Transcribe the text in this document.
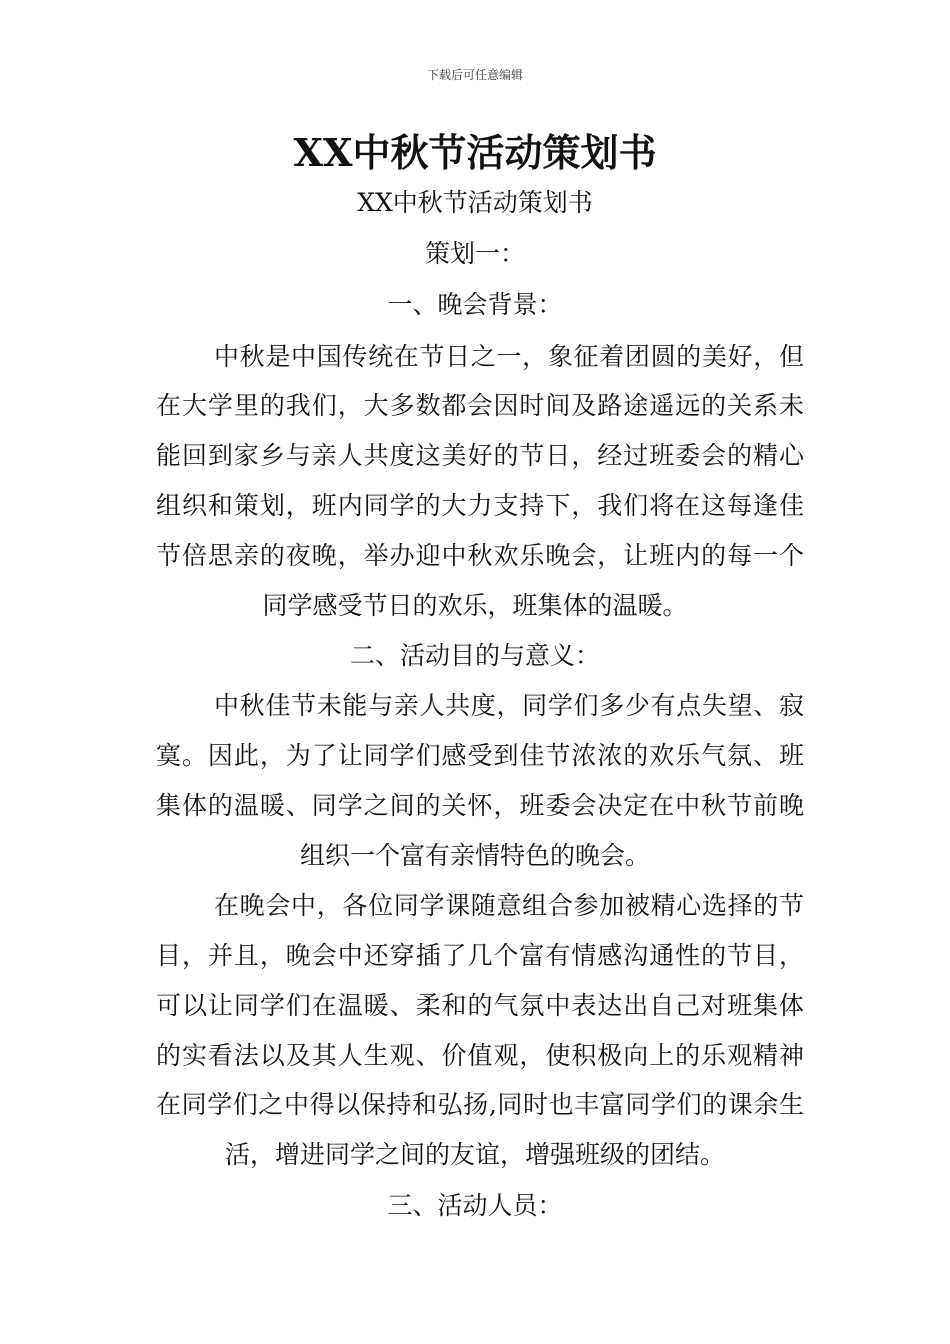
下载后可任意编辑
XX中秋节活动策划书
XX中秋节活动策划书
策划一：
一、晚会背景：
中秋是中国传统在节日之一，象征着团圆的美好，但
在大学里的我们，大多数都会因时间及路途遥远的关系未
能回到家乡与亲人共度这美好的节日，经过班委会的精心
组织和策划，班内同学的大力支持下，我们将在这每逢佳
节倍思亲的夜晚，举办迎中秋欢乐晚会，让班内的每一个
同学感受节日的欢乐，班集体的温暖。
二、活动目的与意义：
中秋佳节未能与亲人共度，同学们多少有点失望、寂
寞。因此，为了让同学们感受到佳节浓浓的欢乐气氛、班
集体的温暖、同学之间的关怀，班委会决定在中秋节前晚
组织一个富有亲情特色的晚会。
在晚会中，各位同学课随意组合参加被精心选择的节
目，并且，晚会中还穿插了几个富有情感沟通性的节目，
可以让同学们在温暖、柔和的气氛中表达出自己对班集体
的实看法以及其人生观、价值观，使积极向上的乐观精神
在同学们之中得以保持和弘扬,同时也丰富同学们的课余生
活，增进同学之间的友谊，增强班级的团结。
三、活动人员：
